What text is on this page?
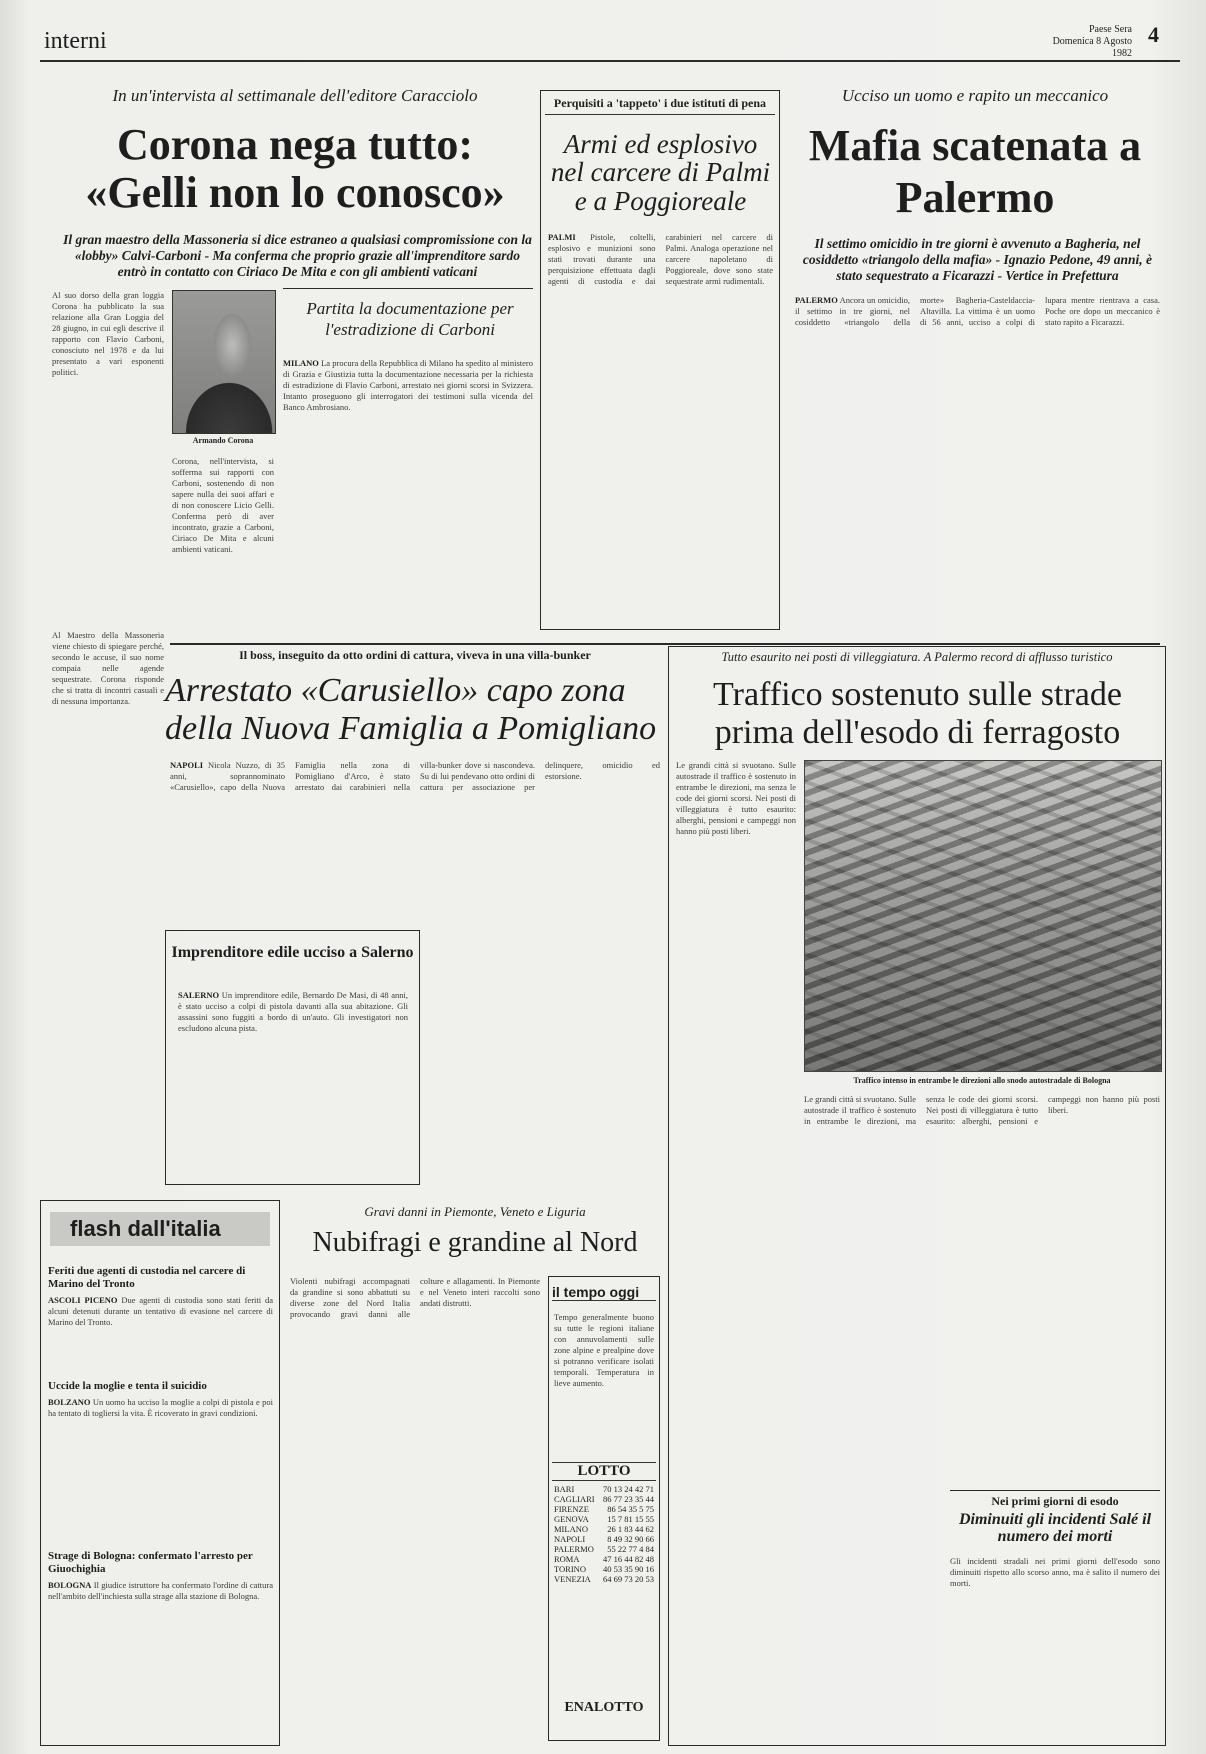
interni	Paese Sera
Domenica 8 Agosto 1982
4
In un'intervista al settimanale dell'editore Caracciolo
Corona nega tutto:
«Gelli non lo conosco»
Il gran maestro della Massoneria si dice estraneo a qualsiasi compromissione con la «lobby» Calvi-Carboni - Ma conferma che proprio grazie all'imprenditore sardo entrò in contatto con Ciriaco De Mita e con gli ambienti vaticani
Al suo dorso della gran loggia Corona ha pubblicato la sua relazione alla Gran Loggia del 28 giugno, in cui egli descrive il rapporto con Flavio Carboni, conosciuto nel 1978 e da lui presentato a vari esponenti politici.
Al Maestro della Massoneria viene chiesto di spiegare perché, secondo le accuse, il suo nome compaia nelle agende sequestrate. Corona risponde che si tratta di incontri casuali e di nessuna importanza.
Armando Corona
Corona, nell'intervista, si sofferma sui rapporti con Carboni, sostenendo di non sapere nulla dei suoi affari e di non conoscere Licio Gelli. Conferma però di aver incontrato, grazie a Carboni, Ciriaco De Mita e alcuni ambienti vaticani.
Partita la documentazione per l'estradizione di Carboni
MILANO La procura della Repubblica di Milano ha spedito al ministero di Grazia e Giustizia tutta la documentazione necessaria per la richiesta di estradizione di Flavio Carboni, arrestato nei giorni scorsi in Svizzera. Intanto proseguono gli interrogatori dei testimoni sulla vicenda del Banco Ambrosiano.
Perquisiti a 'tappeto' i due istituti di pena
Armi ed esplosivo nel carcere di Palmi e a Poggioreale
PALMI Pistole, coltelli, esplosivo e munizioni sono stati trovati durante una perquisizione effettuata dagli agenti di custodia e dai carabinieri nel carcere di Palmi. Analoga operazione nel carcere napoletano di Poggioreale, dove sono state sequestrate armi rudimentali.
Ucciso un uomo e rapito un meccanico
Mafia scatenata a Palermo
Il settimo omicidio in tre giorni è avvenuto a Bagheria, nel cosiddetto «triangolo della mafia» - Ignazio Pedone, 49 anni, è stato sequestrato a Ficarazzi - Vertice in Prefettura
PALERMO Ancora un omicidio, il settimo in tre giorni, nel cosiddetto «triangolo della morte» Bagheria-Casteldaccia-Altavilla. La vittima è un uomo di 56 anni, ucciso a colpi di lupara mentre rientrava a casa. Poche ore dopo un meccanico è stato rapito a Ficarazzi.
Il boss, inseguito da otto ordini di cattura, viveva in una villa-bunker
Arrestato «Carusiello» capo zona della Nuova Famiglia a Pomigliano
NAPOLI Nicola Nuzzo, di 35 anni, soprannominato «Carusiello», capo della Nuova Famiglia nella zona di Pomigliano d'Arco, è stato arrestato dai carabinieri nella villa-bunker dove si nascondeva. Su di lui pendevano otto ordini di cattura per associazione per delinquere, omicidio ed estorsione.
Imprenditore edile ucciso a Salerno
SALERNO Un imprenditore edile, Bernardo De Masi, di 48 anni, è stato ucciso a colpi di pistola davanti alla sua abitazione. Gli assassini sono fuggiti a bordo di un'auto. Gli investigatori non escludono alcuna pista.
Tutto esaurito nei posti di villeggiatura. A Palermo record di afflusso turistico
Traffico sostenuto sulle strade prima dell'esodo di ferragosto
Le grandi città si svuotano. Sulle autostrade il traffico è sostenuto in entrambe le direzioni, ma senza le code dei giorni scorsi. Nei posti di villeggiatura è tutto esaurito: alberghi, pensioni e campeggi non hanno più posti liberi.
Traffico intenso in entrambe le direzioni allo snodo autostradale di Bologna
Le grandi città si svuotano. Sulle autostrade il traffico è sostenuto in entrambe le direzioni, ma senza le code dei giorni scorsi. Nei posti di villeggiatura è tutto esaurito: alberghi, pensioni e campeggi non hanno più posti liberi.
Nei primi giorni di esodo
Diminuiti gli incidenti Salé il numero dei morti
Gli incidenti stradali nei primi giorni dell'esodo sono diminuiti rispetto allo scorso anno, ma è salito il numero dei morti.
flash dall'italia
Feriti due agenti di custodia nel carcere di Marino del Tronto
ASCOLI PICENO Due agenti di custodia sono stati feriti da alcuni detenuti durante un tentativo di evasione nel carcere di Marino del Tronto.
Uccide la moglie e tenta il suicidio
BOLZANO Un uomo ha ucciso la moglie a colpi di pistola e poi ha tentato di togliersi la vita. È ricoverato in gravi condizioni.
Strage di Bologna: confermato l'arresto per Giuochighia
BOLOGNA Il giudice istruttore ha confermato l'ordine di cattura nell'ambito dell'inchiesta sulla strage alla stazione di Bologna.
Gravi danni in Piemonte, Veneto e Liguria
Nubifragi e grandine al Nord
Violenti nubifragi accompagnati da grandine si sono abbattuti su diverse zone del Nord Italia provocando gravi danni alle colture e allagamenti. In Piemonte e nel Veneto interi raccolti sono andati distrutti.
il tempo oggi
Tempo generalmente buono su tutte le regioni italiane con annuvolamenti sulle zone alpine e prealpine dove si potranno verificare isolati temporali. Temperatura in lieve aumento.
LOTTO
BARI	70 13 24 42 71
CAGLIARI	86 77 23 35 44
FIRENZE	86 54 35 5 75
GENOVA	15 7 81 15 55
MILANO	26 1 83 44 62
NAPOLI	8 49 32 90 66
PALERMO	55 22 77 4 84
ROMA	47 16 44 82 48
TORINO	40 53 35 90 16
VENEZIA	64 69 73 20 53
ENALOTTO
